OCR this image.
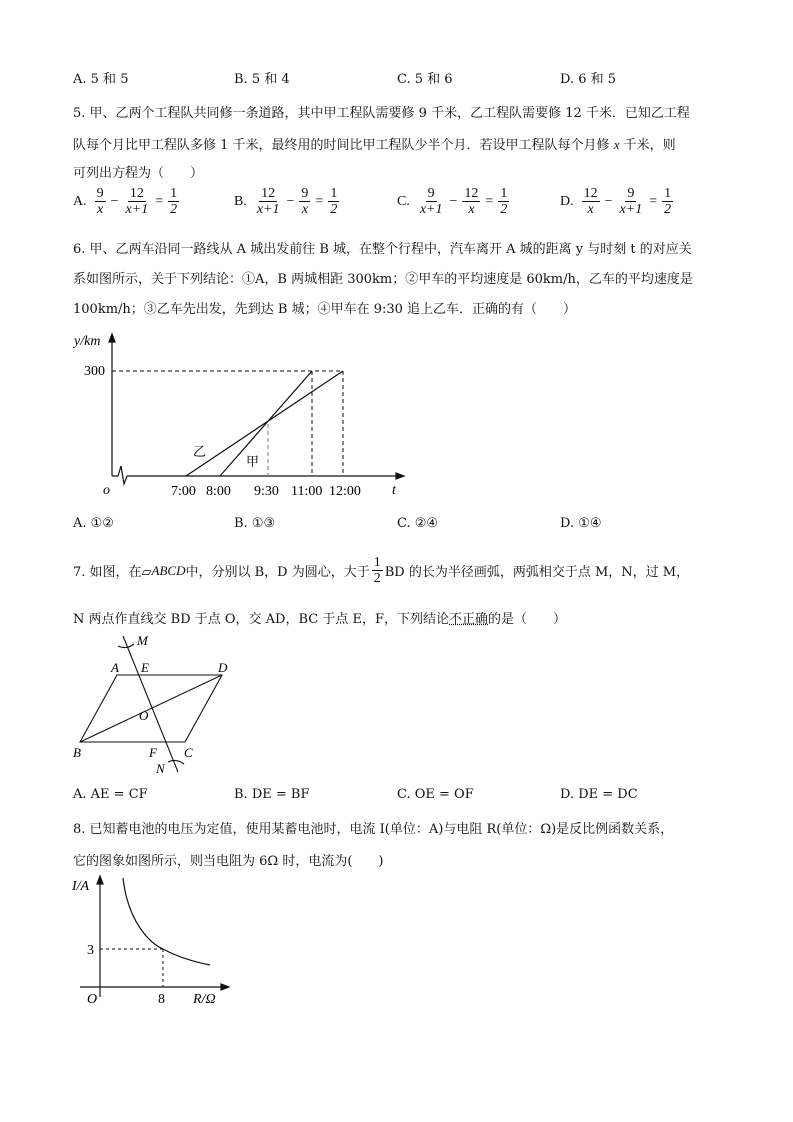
A. 5 和 5	B. 5 和 4	C. 5 和 6	D. 6 和 5
5. 甲、乙两个工程队共同修一条道路，其中甲工程队需要修 9 千米，乙工程队需要修 12 千米．已知乙工程
队每个月比甲工程队多修 1 千米，最终用的时间比甲工程队少半个月．若设甲工程队每个月修 x 千米，则
可列出方程为（　　）
A. $\frac{9}{x} - \frac{12}{x+1} = \frac{1}{2}$	B. $\frac{12}{x+1} - \frac{9}{x} = \frac{1}{2}$	C. $\frac{9}{x+1} - \frac{12}{x} = \frac{1}{2}$	D. $\frac{12}{x} - \frac{9}{x+1} = \frac{1}{2}$
6. 甲、乙两车沿同一路线从 A 城出发前往 B 城，在整个行程中，汽车离开 A 城的距离 y 与时刻 t 的对应关
系如图所示，关于下列结论：①A，B 两城相距 300km；②甲车的平均速度是 60km/h，乙车的平均速度是
100km/h；③乙车先出发，先到达 B 城；④甲车在 9:30 追上乙车．正确的有（　　）
y/km
300
o	t
7:00 8:00 9:30 11:00 12:00
乙
甲
A. ①②	B. ①③	C. ②④	D. ①④
7. 如图，在▱ ABCD 中，分别以 B，D 为圆心，大于 $\frac{1}{2}$ BD 的长为半径画弧，两弧相交于点 M，N，过 M，
N 两点作直线交 BD 于点 O，交 AD，BC 于点 E，F，下列结论不正确的是（　　）
A E	D
M
O
B	F C
N
A. AE = CF	B. DE = BF	C. OE = OF	D. DE = DC
8. 已知蓄电池的电压为定值，使用某蓄电池时，电流 I(单位：A)与电阻 R(单位：Ω)是反比例函数关系，
它的图象如图所示，则当电阻为 6Ω 时，电流为(　　)
I/A
3
O	8 R/Ω
